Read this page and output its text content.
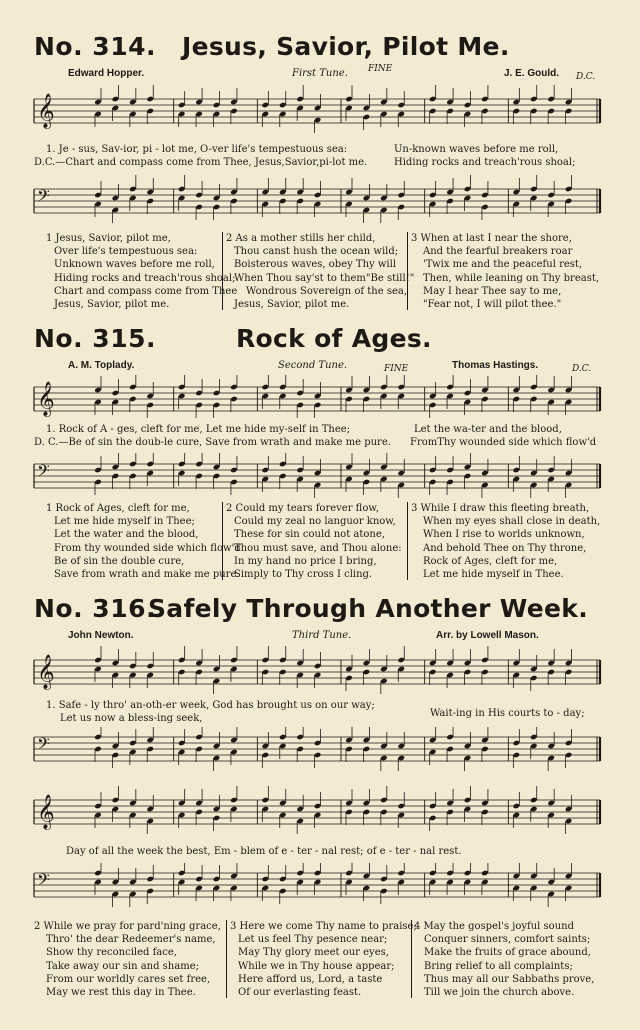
No. 314. Jesus, Savior, Pilot Me.
Edward Hopper.	First Tune. FINE	J. E. Gould. D.C.
𝄞
1. Je - sus, Sav-ior, pi - lot me, O-ver life's tempestuous sea:	Un-known waves before me roll,
D.C.—Chart and compass come from Thee, Jesus,Savior,pi-lot me.	Hiding rocks and treach'rous shoal;
𝄢
1 Jesus, Savior, pilot me,
Over life's tempestuous sea:
Unknown waves before me roll,
Hiding rocks and treach'rous shoal;
Chart and compass come from Thee
Jesus, Savior, pilot me.
2 As a mother stills her child,
Thou canst hush the ocean wild;
Boisterous waves, obey Thy will
When Thou say'st to them"Be still!"
Wondrous Sovereign of the sea,
Jesus, Savior, pilot me.
3 When at last I near the shore,
And the fearful breakers roar
'Twix me and the peaceful rest,
Then, while leaning on Thy breast,
May I hear Thee say to me,
"Fear not, I will pilot thee."
No. 315.	Rock of Ages.
A. M. Toplady.	Second Tune.	FINE	Thomas Hastings.	D.C.
𝄞
1. Rock of A - ges, cleft for me, Let me hide my-self in Thee;	Let the wa-ter and the blood,
D. C.—Be of sin the doub-le cure, Save from wrath and make me pure. FromThy wounded side which flow'd
𝄢
1 Rock of Ages, cleft for me,
Let me hide myself in Thee;
Let the water and the blood,
From thy wounded side which flow'd
Be of sin the double cure,
Save from wrath and make me pure.
2 Could my tears forever flow,
Could my zeal no languor know,
These for sin could not atone,
Thou must save, and Thou alone:
In my hand no price I bring,
Simply to Thy cross I cling.
3 While I draw this fleeting breath,
When my eyes shall close in death,
When I rise to worlds unknown,
And behold Thee on Thy throne,
Rock of Ages, cleft for me,
Let me hide myself in Thee.
No. 316.
Safely Through Another Week.
John Newton.	Third Tune.	Arr. by Lowell Mason.
𝄞
1. Safe - ly thro' an-oth-er week, God has brought us on our way;
Wait-ing in His courts to - day;
Let us now a bless-ing seek,
𝄢
𝄞
Day of all the week the best, Em - blem of e - ter - nal rest; of e - ter - nal rest.
𝄢
2 While we pray for pard'ning grace,
Thro' the dear Redeemer's name,
Show thy reconciled face,
Take away our sin and shame;
From our worldly cares set free,
May we rest this day in Thee.
3 Here we come Thy name to praise;
Let us feel Thy pesence near;
May Thy glory meet our eyes,
While we in Thy house appear;
Here afford us, Lord, a taste
Of our everlasting feast.
4 May the gospel's joyful sound
Conquer sinners, comfort saints;
Make the fruits of grace abound,
Bring relief to all complaints;
Thus may all our Sabbaths prove,
Till we join the church above.
